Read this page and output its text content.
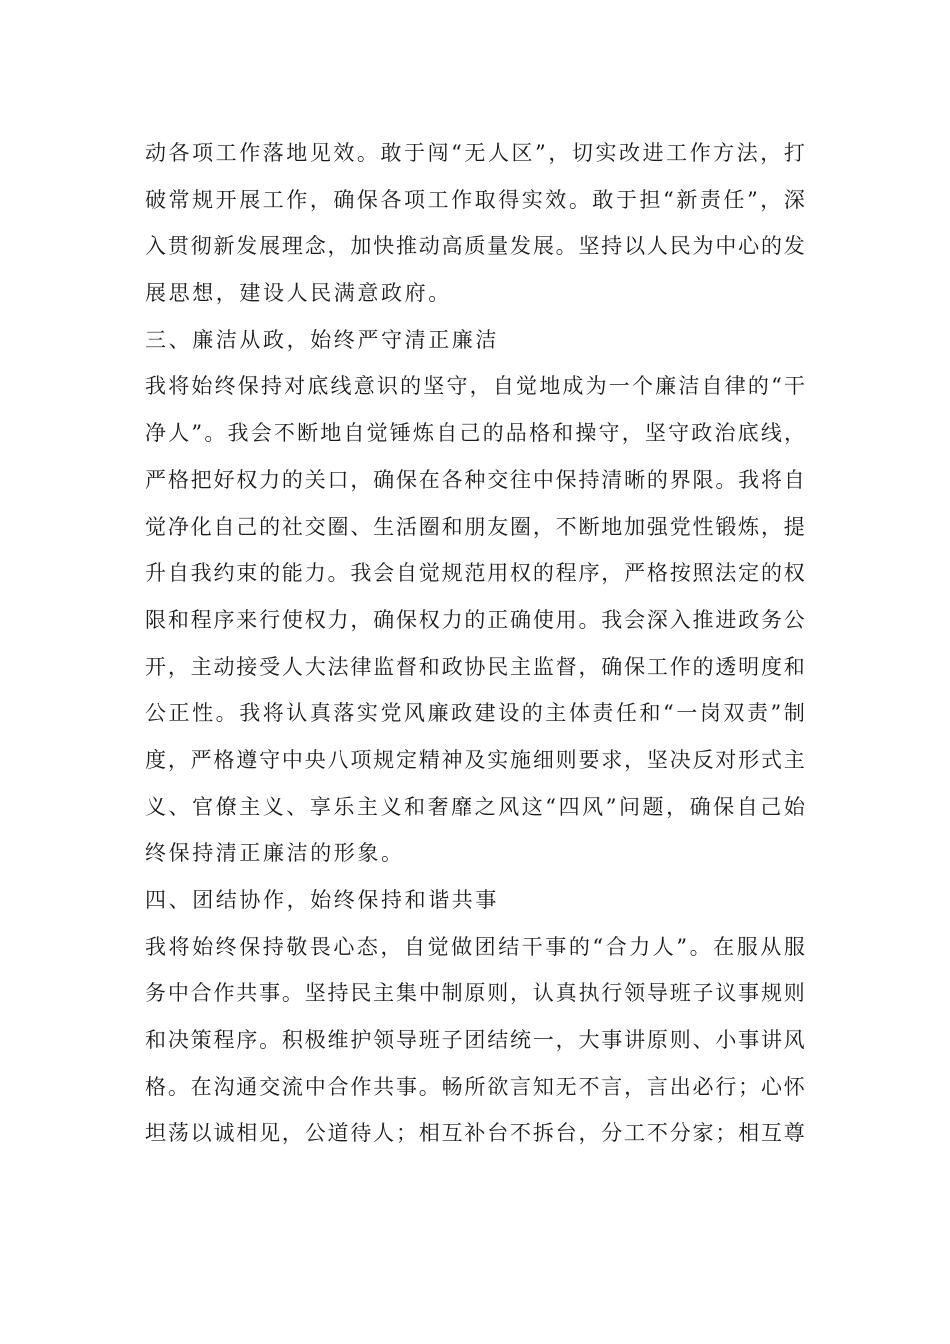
动 各 项 工 作 落 地 见 效 。 敢 于 闯 “ 无 人 区 ” ， 切 实 改 进 工 作 方 法 ， 打
破 常 规 开 展 工 作 ， 确 保 各 项 工 作 取 得 实 效 。 敢 于 担 “ 新 责 任 ” ， 深
入 贯 彻 新 发 展 理 念 ， 加 快 推 动 高 质 量 发 展 。 坚 持 以 人 民 为 中 心 的 发
展思想，建设人民满意政府。
三、廉洁从政，始终严守清正廉洁
我 将 始 终 保 持 对 底 线 意 识 的 坚 守 ， 自 觉 地 成 为 一 个 廉 洁 自 律 的 “ 干
净 人 ” 。 我 会 不 断 地 自 觉 锤 炼 自 己 的 品 格 和 操 守 ， 坚 守 政 治 底 线 ，
严 格 把 好 权 力 的 关 口 ， 确 保 在 各 种 交 往 中 保 持 清 晰 的 界 限 。 我 将 自
觉 净 化 自 己 的 社 交 圈 、 生 活 圈 和 朋 友 圈 ， 不 断 地 加 强 党 性 锻 炼 ， 提
升 自 我 约 束 的 能 力 。 我 会 自 觉 规 范 用 权 的 程 序 ， 严 格 按 照 法 定 的 权
限 和 程 序 来 行 使 权 力 ， 确 保 权 力 的 正 确 使 用 。 我 会 深 入 推 进 政 务 公
开 ， 主 动 接 受 人 大 法 律 监 督 和 政 协 民 主 监 督 ， 确 保 工 作 的 透 明 度 和
公 正 性 。 我 将 认 真 落 实 党 风 廉 政 建 设 的 主 体 责 任 和 “ 一 岗 双 责 ” 制
度 ， 严 格 遵 守 中 央 八 项 规 定 精 神 及 实 施 细 则 要 求 ， 坚 决 反 对 形 式 主
义 、 官 僚 主 义 、 享 乐 主 义 和 奢 靡 之 风 这 “ 四 风 ” 问 题 ， 确 保 自 己 始
终保持清正廉洁的形象。
四、团结协作，始终保持和谐共事
我 将 始 终 保 持 敬 畏 心 态 ， 自 觉 做 团 结 干 事 的 “ 合 力 人 ” 。 在 服 从 服
务 中 合 作 共 事 。 坚 持 民 主 集 中 制 原 则 ， 认 真 执 行 领 导 班 子 议 事 规 则
和 决 策 程 序 。 积 极 维 护 领 导 班 子 团 结 统 一 ， 大 事 讲 原 则 、 小 事 讲 风
格 。 在 沟 通 交 流 中 合 作 共 事 。 畅 所 欲 言 知 无 不 言 ， 言 出 必 行 ； 心 怀
坦 荡 以 诚 相 见 ， 公 道 待 人 ； 相 互 补 台 不 拆 台 ， 分 工 不 分 家 ； 相 互 尊
